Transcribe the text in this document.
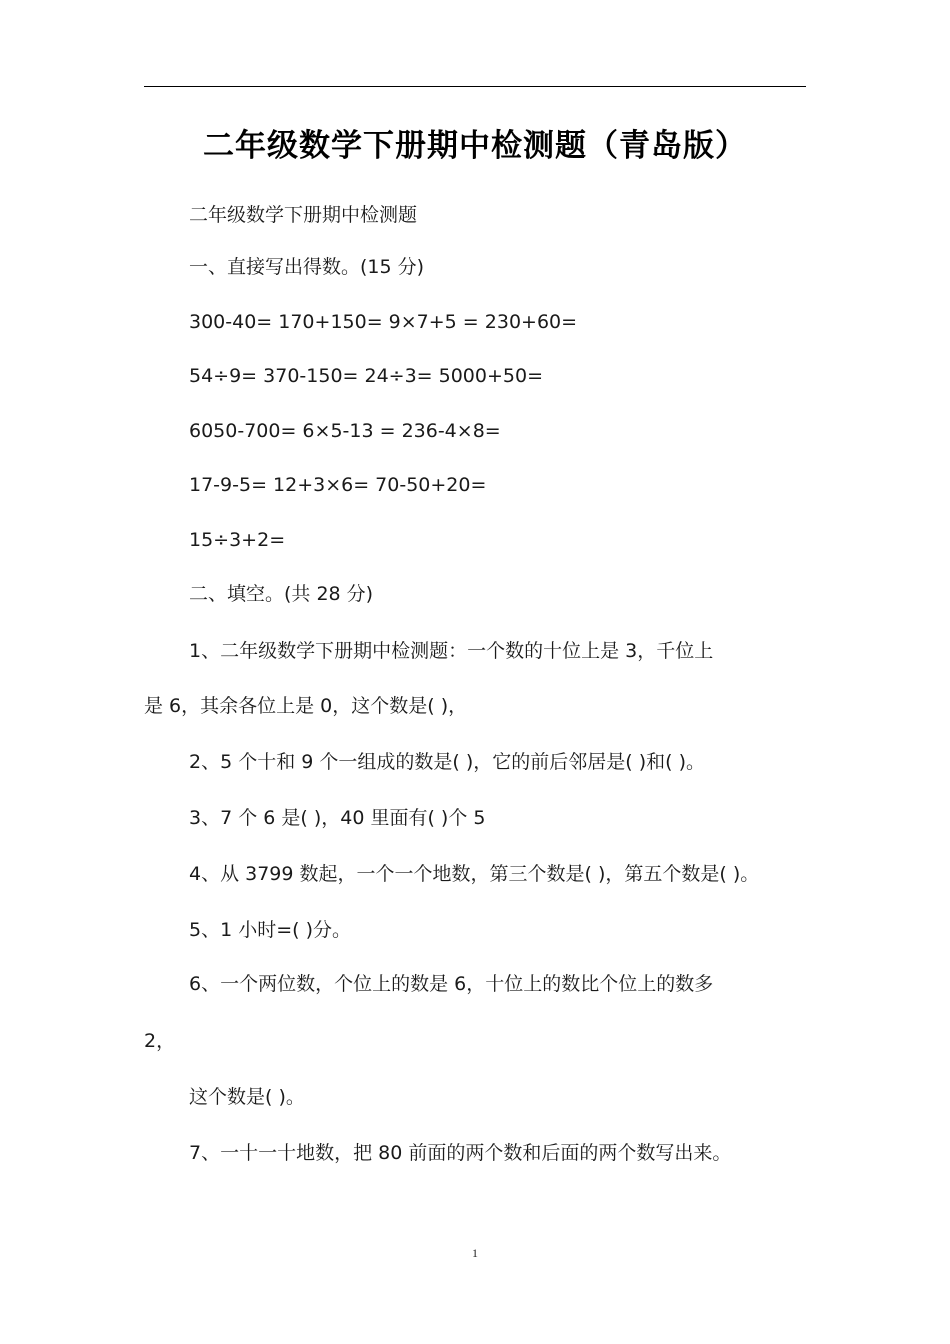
二年级数学下册期中检测题（青岛版）
二年级数学下册期中检测题
一、直接写出得数。(15 分)
300-40= 170+150= 9×7+5 = 230+60=
54÷9= 370-150= 24÷3= 5000+50=
6050-700= 6×5-13 = 236-4×8=
17-9-5= 12+3×6= 70-50+20=
15÷3+2=
二、填空。(共 28 分)
1、二年级数学下册期中检测题：一个数的十位上是 3，千位上
是 6，其余各位上是 0，这个数是( )，
2、5 个十和 9 个一组成的数是( )，它的前后邻居是( )和( )。
3、7 个 6 是( )，40 里面有( )个 5
4、从 3799 数起，一个一个地数，第三个数是( )，第五个数是( )。
5、1 小时=( )分。
6、一个两位数，个位上的数是 6，十位上的数比个位上的数多
2，
这个数是( )。
7、一十一十地数，把 80 前面的两个数和后面的两个数写出来。
1
